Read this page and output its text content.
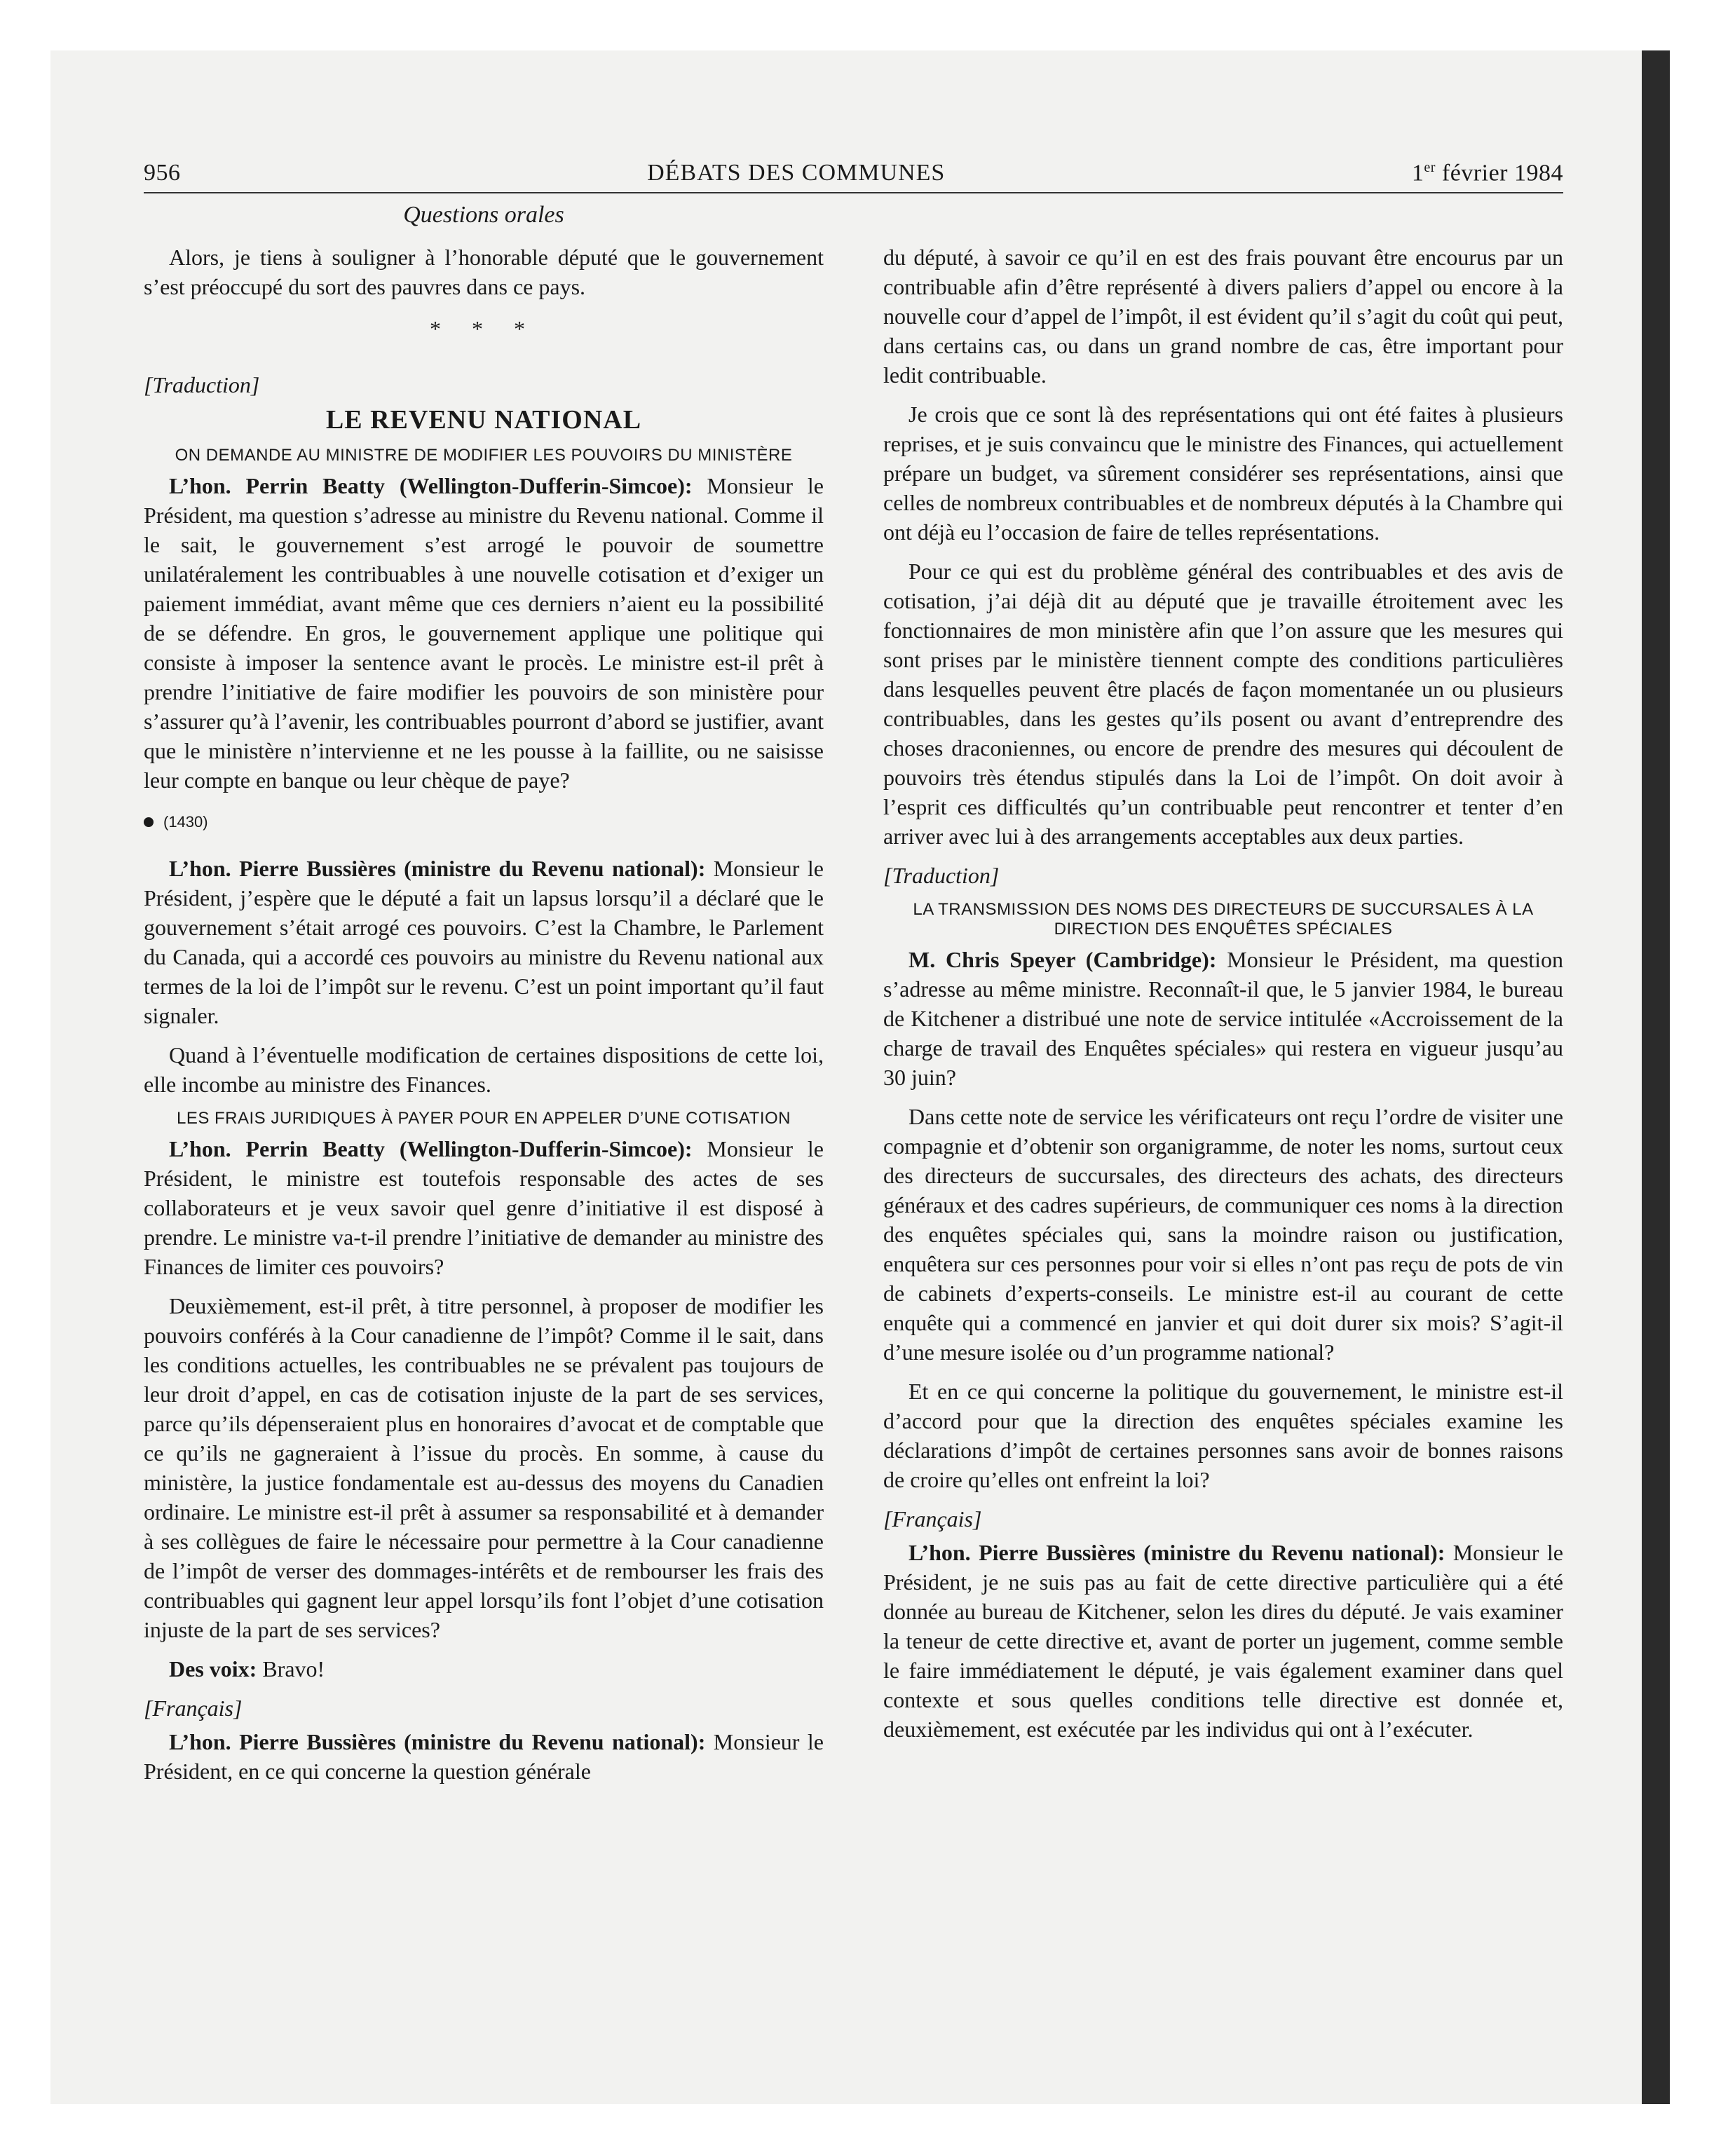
956	DÉBATS DES COMMUNES	1er février 1984
Questions orales

Alors, je tiens à souligner à l’honorable député que le gouvernement s’est préoccupé du sort des pauvres dans ce pays.

* * *
[Traduction]
LE REVENU NATIONAL
ON DEMANDE AU MINISTRE DE MODIFIER LES POUVOIRS DU MINISTÈRE

L’hon. Perrin Beatty (Wellington-Dufferin-Simcoe): Monsieur le Président, ma question s’adresse au ministre du Revenu national. Comme il le sait, le gouvernement s’est arrogé le pouvoir de soumettre unilatéralement les contribuables à une nouvelle cotisation et d’exiger un paiement immédiat, avant même que ces derniers n’aient eu la possibilité de se défendre. En gros, le gouvernement applique une politique qui consiste à imposer la sentence avant le procès. Le ministre est-il prêt à prendre l’initiative de faire modifier les pouvoirs de son ministère pour s’assurer qu’à l’avenir, les contribuables pourront d’abord se justifier, avant que le ministère n’intervienne et ne les pousse à la faillite, ou ne saisisse leur compte en banque ou leur chèque de paye?

(1430)

L’hon. Pierre Bussières (ministre du Revenu national): Monsieur le Président, j’espère que le député a fait un lapsus lorsqu’il a déclaré que le gouvernement s’était arrogé ces pouvoirs. C’est la Chambre, le Parlement du Canada, qui a accordé ces pouvoirs au ministre du Revenu national aux termes de la loi de l’impôt sur le revenu. C’est un point important qu’il faut signaler.

Quand à l’éventuelle modification de certaines dispositions de cette loi, elle incombe au ministre des Finances.

LES FRAIS JURIDIQUES À PAYER POUR EN APPELER D’UNE COTISATION

L’hon. Perrin Beatty (Wellington-Dufferin-Simcoe): Monsieur le Président, le ministre est toutefois responsable des actes de ses collaborateurs et je veux savoir quel genre d’initiative il est disposé à prendre. Le ministre va-t-il prendre l’initiative de demander au ministre des Finances de limiter ces pouvoirs?

Deuxièmement, est-il prêt, à titre personnel, à proposer de modifier les pouvoirs conférés à la Cour canadienne de l’impôt? Comme il le sait, dans les conditions actuelles, les contribuables ne se prévalent pas toujours de leur droit d’appel, en cas de cotisation injuste de la part de ses services, parce qu’ils dépenseraient plus en honoraires d’avocat et de comptable que ce qu’ils ne gagneraient à l’issue du procès. En somme, à cause du ministère, la justice fondamentale est au-dessus des moyens du Canadien ordinaire. Le ministre est-il prêt à assumer sa responsabilité et à demander à ses collègues de faire le nécessaire pour permettre à la Cour canadienne de l’impôt de verser des dommages-intérêts et de rembourser les frais des contribuables qui gagnent leur appel lorsqu’ils font l’objet d’une cotisation injuste de la part de ses services?

Des voix: Bravo!

[Français]

L’hon. Pierre Bussières (ministre du Revenu national): Monsieur le Président, en ce qui concerne la question générale

du député, à savoir ce qu’il en est des frais pouvant être encourus par un contribuable afin d’être représenté à divers paliers d’appel ou encore à la nouvelle cour d’appel de l’impôt, il est évident qu’il s’agit du coût qui peut, dans certains cas, ou dans un grand nombre de cas, être important pour ledit contribuable.

Je crois que ce sont là des représentations qui ont été faites à plusieurs reprises, et je suis convaincu que le ministre des Finances, qui actuellement prépare un budget, va sûrement considérer ses représentations, ainsi que celles de nombreux contribuables et de nombreux députés à la Chambre qui ont déjà eu l’occasion de faire de telles représentations.

Pour ce qui est du problème général des contribuables et des avis de cotisation, j’ai déjà dit au député que je travaille étroitement avec les fonctionnaires de mon ministère afin que l’on assure que les mesures qui sont prises par le ministère tiennent compte des conditions particulières dans lesquelles peuvent être placés de façon momentanée un ou plusieurs contribuables, dans les gestes qu’ils posent ou avant d’entreprendre des choses draconiennes, ou encore de prendre des mesures qui découlent de pouvoirs très étendus stipulés dans la Loi de l’impôt. On doit avoir à l’esprit ces difficultés qu’un contribuable peut rencontrer et tenter d’en arriver avec lui à des arrangements acceptables aux deux parties.

[Traduction]
LA TRANSMISSION DES NOMS DES DIRECTEURS DE SUCCURSALES À LA DIRECTION DES ENQUÊTES SPÉCIALES

M. Chris Speyer (Cambridge): Monsieur le Président, ma question s’adresse au même ministre. Reconnaît-il que, le 5 janvier 1984, le bureau de Kitchener a distribué une note de service intitulée «Accroissement de la charge de travail des Enquêtes spéciales» qui restera en vigueur jusqu’au 30 juin?

Dans cette note de service les vérificateurs ont reçu l’ordre de visiter une compagnie et d’obtenir son organigramme, de noter les noms, surtout ceux des directeurs de succursales, des directeurs des achats, des directeurs généraux et des cadres supérieurs, de communiquer ces noms à la direction des enquêtes spéciales qui, sans la moindre raison ou justification, enquêtera sur ces personnes pour voir si elles n’ont pas reçu de pots de vin de cabinets d’experts-conseils. Le ministre est-il au courant de cette enquête qui a commencé en janvier et qui doit durer six mois? S’agit-il d’une mesure isolée ou d’un programme national?

Et en ce qui concerne la politique du gouvernement, le ministre est-il d’accord pour que la direction des enquêtes spéciales examine les déclarations d’impôt de certaines personnes sans avoir de bonnes raisons de croire qu’elles ont enfreint la loi?

[Français]

L’hon. Pierre Bussières (ministre du Revenu national): Monsieur le Président, je ne suis pas au fait de cette directive particulière qui a été donnée au bureau de Kitchener, selon les dires du député. Je vais examiner la teneur de cette directive et, avant de porter un jugement, comme semble le faire immédiatement le député, je vais également examiner dans quel contexte et sous quelles conditions telle directive est donnée et, deuxièmement, est exécutée par les individus qui ont à l’exécuter.
